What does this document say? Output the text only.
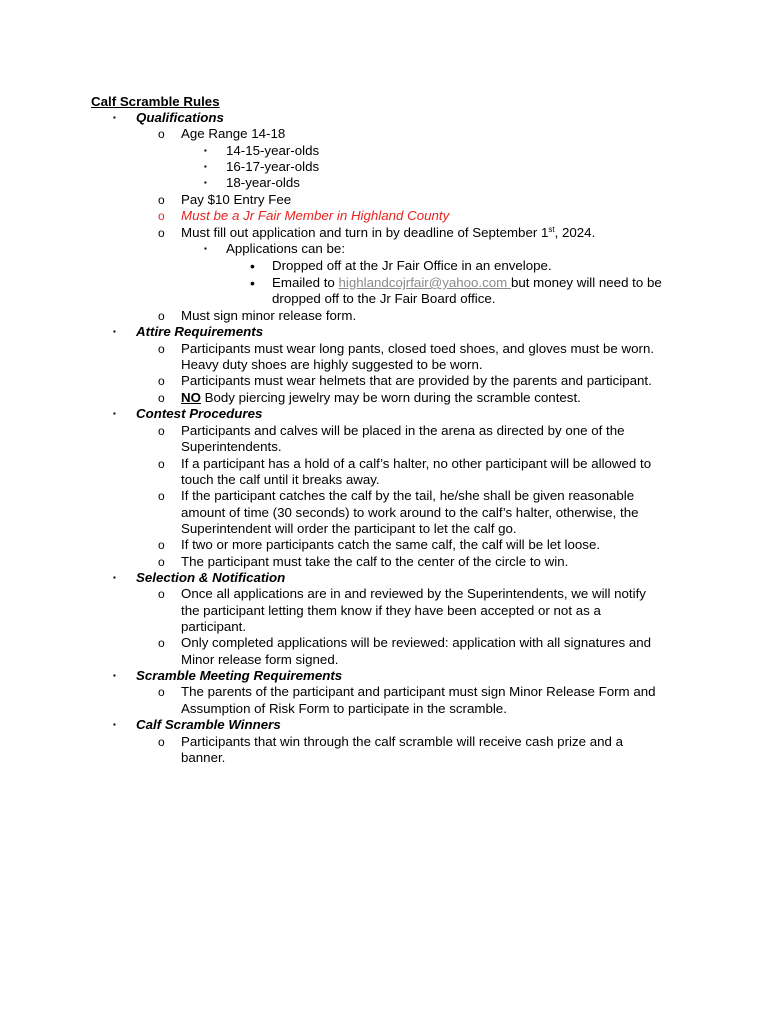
Calf Scramble Rules
▪ Qualifications
o Age Range 14-18
▪ 14-15-year-olds
▪ 16-17-year-olds
▪ 18-year-olds
o Pay $10 Entry Fee
o Must be a Jr Fair Member in Highland County
o Must fill out application and turn in by deadline of September 1st, 2024.
▪ Applications can be:
• Dropped off at the Jr Fair Office in an envelope.
• Emailed to highlandcojrfair@yahoo.com but money will need to be
dropped off to the Jr Fair Board office.
o Must sign minor release form.
▪ Attire Requirements
o Participants must wear long pants, closed toed shoes, and gloves must be worn.
Heavy duty shoes are highly suggested to be worn.
o Participants must wear helmets that are provided by the parents and participant.
o NO Body piercing jewelry may be worn during the scramble contest.
▪ Contest Procedures
o Participants and calves will be placed in the arena as directed by one of the
Superintendents.
o If a participant has a hold of a calf’s halter, no other participant will be allowed to
touch the calf until it breaks away.
o If the participant catches the calf by the tail, he/she shall be given reasonable
amount of time (30 seconds) to work around to the calf’s halter, otherwise, the
Superintendent will order the participant to let the calf go.
o If two or more participants catch the same calf, the calf will be let loose.
o The participant must take the calf to the center of the circle to win.
▪ Selection & Notification
o Once all applications are in and reviewed by the Superintendents, we will notify
the participant letting them know if they have been accepted or not as a
participant.
o Only completed applications will be reviewed: application with all signatures and
Minor release form signed.
▪ Scramble Meeting Requirements
o The parents of the participant and participant must sign Minor Release Form and
Assumption of Risk Form to participate in the scramble.
▪ Calf Scramble Winners
o Participants that win through the calf scramble will receive cash prize and a
banner.
